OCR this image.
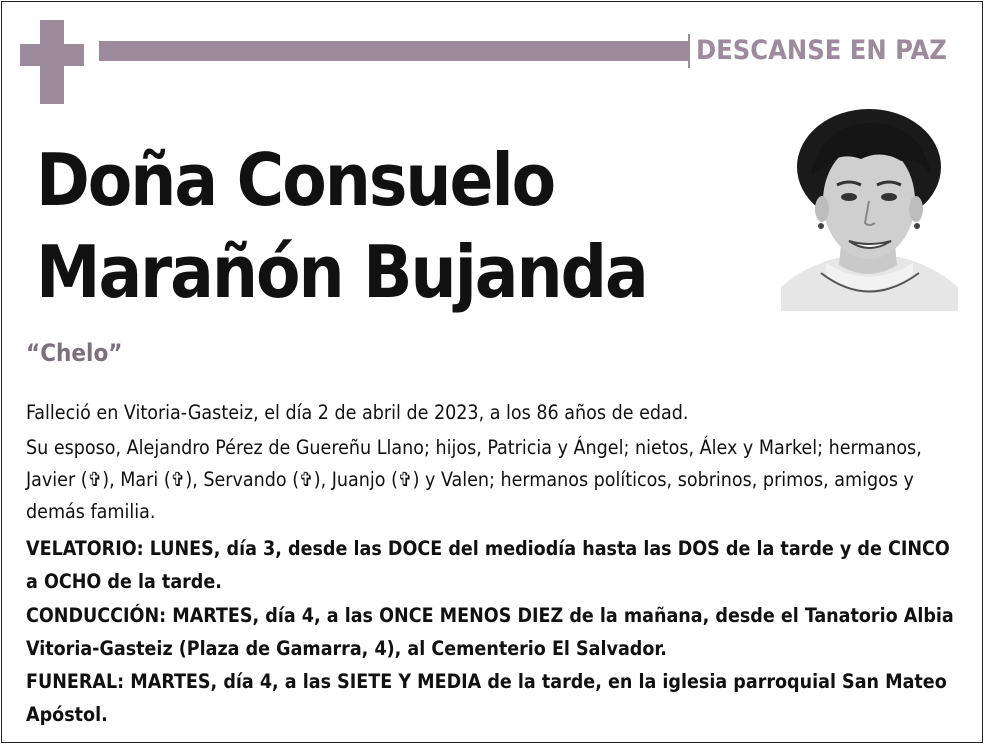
DESCANSE EN PAZ
Doña Consuelo
Marañón Bujanda
“Chelo”
Falleció en Vitoria-Gasteiz, el día 2 de abril de 2023, a los 86 años de edad.
Su esposo, Alejandro Pérez de Guereñu Llano; hijos, Patricia y Ángel; nietos, Álex y Markel; hermanos, Javier (✞), Mari (✞), Servando (✞), Juanjo (✞) y Valen; hermanos políticos, sobrinos, primos, amigos y demás familia.
VELATORIO: LUNES, día 3, desde las DOCE del mediodía hasta las DOS de la tarde y de CINCO a OCHO de la tarde.
CONDUCCIÓN: MARTES, día 4, a las ONCE MENOS DIEZ de la mañana, desde el Tanatorio Albia Vitoria-Gasteiz (Plaza de Gamarra, 4), al Cementerio El Salvador.
FUNERAL: MARTES, día 4, a las SIETE Y MEDIA de la tarde, en la iglesia parroquial San Mateo Apóstol.
